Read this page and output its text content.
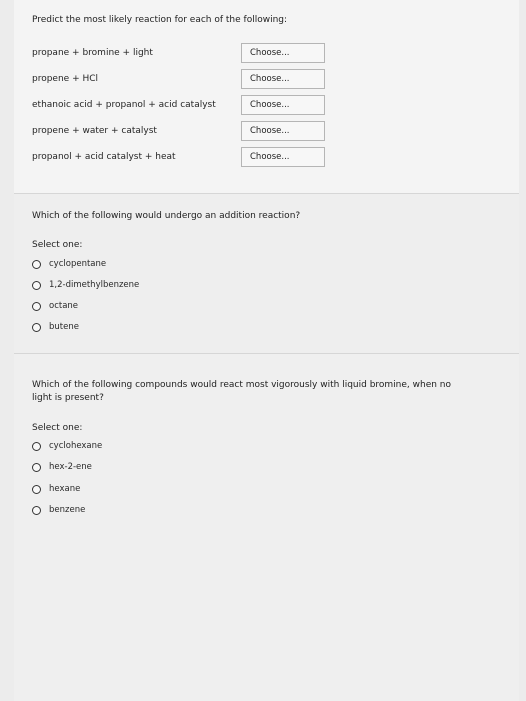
Predict the most likely reaction for each of the following:
propane + bromine + light	Choose...
propene + HCl	Choose...
ethanoic acid + propanol + acid catalyst	Choose...
propene + water + catalyst	Choose...
propanol + acid catalyst + heat	Choose...
Which of the following would undergo an addition reaction?
Select one:
cyclopentane
1,2-dimethylbenzene
octane
butene
Which of the following compounds would react most vigorously with liquid bromine, when no
light is present?
Select one:
cyclohexane
hex-2-ene
hexane
benzene
